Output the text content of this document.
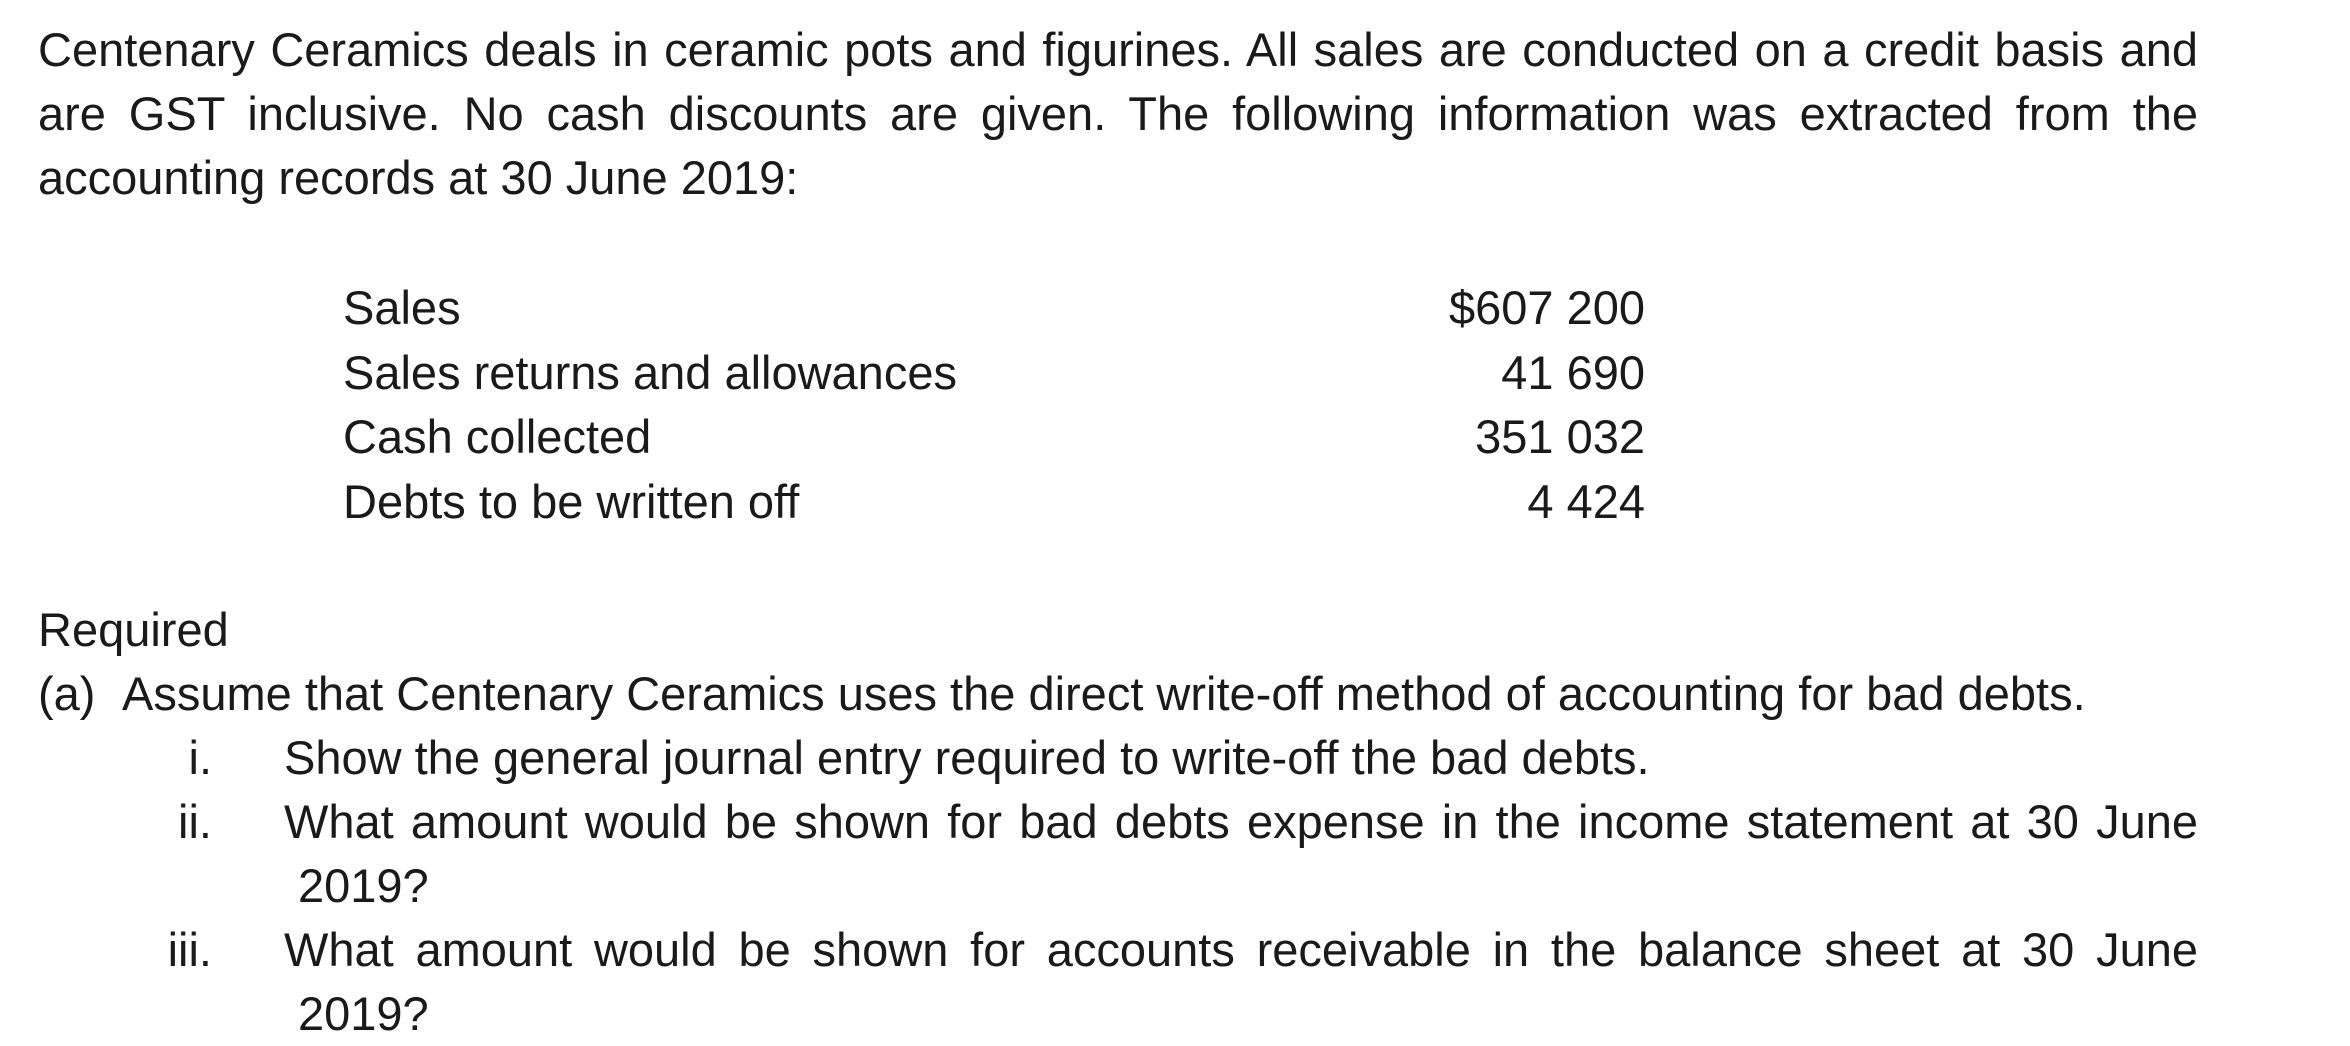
Centenary Ceramics deals in ceramic pots and figurines. All sales are conducted on a credit basis and
are GST inclusive. No cash discounts are given. The following information was extracted from the
accounting records at 30 June 2019:

Sales	$607 200
Sales returns and allowances	41 690
Cash collected	351 032
Debts to be written off	4 424

Required

(a) Assume that Centenary Ceramics uses the direct write-off method of accounting for bad debts.

i. Show the general journal entry required to write-off the bad debts.
ii. What amount would be shown for bad debts expense in the income statement at 30 June
2019?
iii. What amount would be shown for accounts receivable in the balance sheet at 30 June
2019?
